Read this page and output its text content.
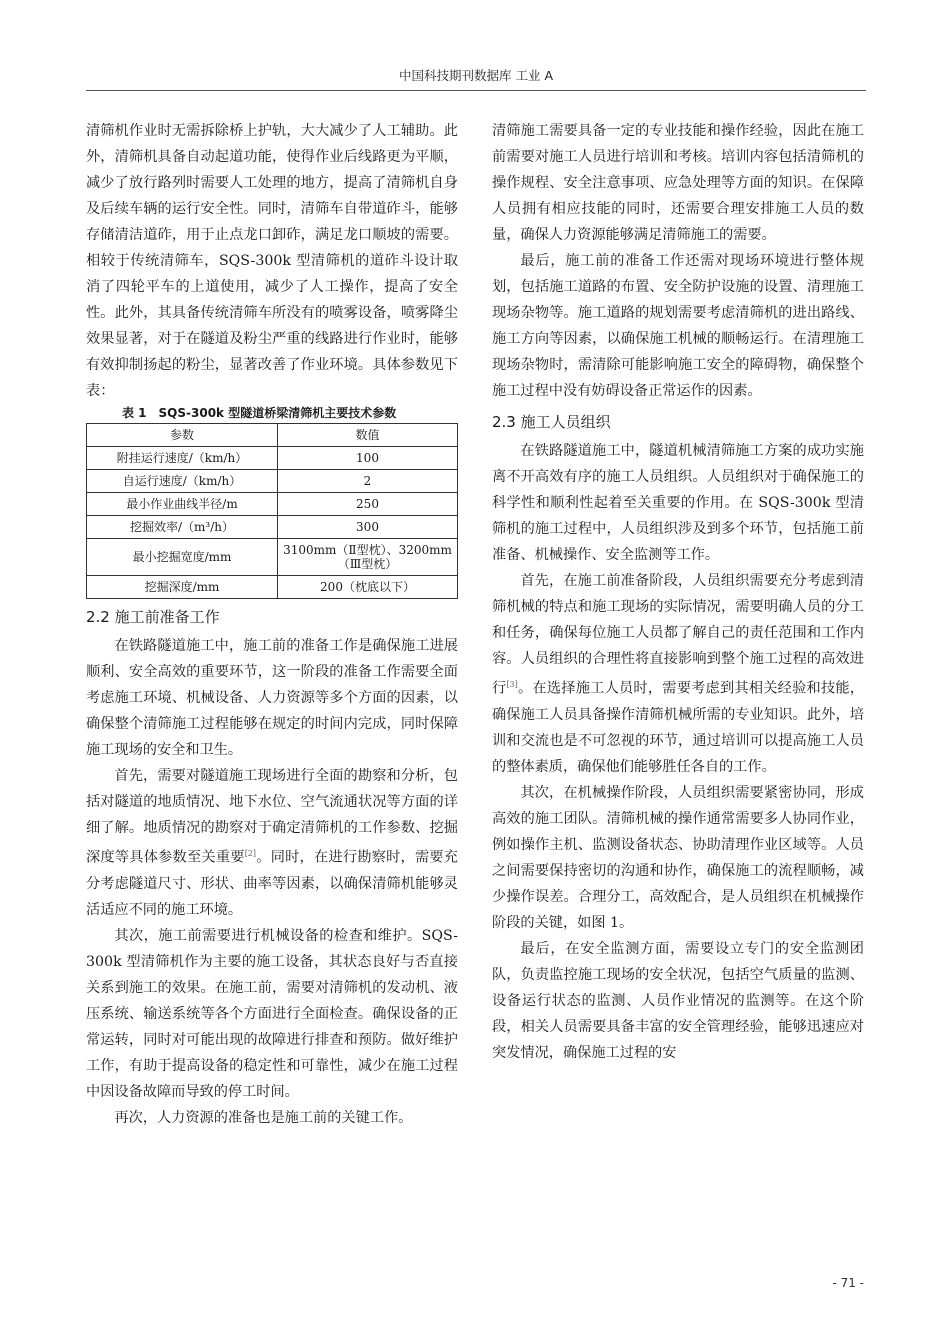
中国科技期刊数据库 工业 A

清筛机作业时无需拆除桥上护轨，大大减少了人工辅助。此外，清筛机具备自动起道功能，使得作业后线路更为平顺，减少了放行路列时需要人工处理的地方，提高了清筛机自身及后续车辆的运行安全性。同时，清筛车自带道砟斗，能够存储清洁道砟，用于止点龙口卸砟，满足龙口顺坡的需要。相较于传统清筛车，SQS-300k 型清筛机的道砟斗设计取消了四轮平车的上道使用，减少了人工操作，提高了安全性。此外，其具备传统清筛车所没有的喷雾设备，喷雾降尘效果显著，对于在隧道及粉尘严重的线路进行作业时，能够有效抑制扬起的粉尘，显著改善了作业环境。具体参数见下表：

表 1　SQS-300k 型隧道桥梁清筛机主要技术参数
参数	数值
附挂运行速度/（km/h）	100
自运行速度/（km/h）	2
最小作业曲线半径/m	250
挖掘效率/（m³/h）	300
最小挖掘宽度/mm	3100mm（Ⅱ型枕）、3200mm（Ⅲ型枕）
挖掘深度/mm	200（枕底以下）
2.2 施工前准备工作

在铁路隧道施工中，施工前的准备工作是确保施工进展顺利、安全高效的重要环节，这一阶段的准备工作需要全面考虑施工环境、机械设备、人力资源等多个方面的因素，以确保整个清筛施工过程能够在规定的时间内完成，同时保障施工现场的安全和卫生。

首先，需要对隧道施工现场进行全面的勘察和分析，包括对隧道的地质情况、地下水位、空气流通状况等方面的详细了解。地质情况的勘察对于确定清筛机的工作参数、挖掘深度等具体参数至关重要[2]。同时，在进行勘察时，需要充分考虑隧道尺寸、形状、曲率等因素，以确保清筛机能够灵活适应不同的施工环境。

其次，施工前需要进行机械设备的检查和维护。SQS-300k 型清筛机作为主要的施工设备，其状态良好与否直接关系到施工的效果。在施工前，需要对清筛机的发动机、液压系统、输送系统等各个方面进行全面检查。确保设备的正常运转，同时对可能出现的故障进行排查和预防。做好维护工作，有助于提高设备的稳定性和可靠性，减少在施工过程中因设备故障而导致的停工时间。

再次，人力资源的准备也是施工前的关键工作。

清筛施工需要具备一定的专业技能和操作经验，因此在施工前需要对施工人员进行培训和考核。培训内容包括清筛机的操作规程、安全注意事项、应急处理等方面的知识。在保障人员拥有相应技能的同时，还需要合理安排施工人员的数量，确保人力资源能够满足清筛施工的需要。

最后，施工前的准备工作还需对现场环境进行整体规划，包括施工道路的布置、安全防护设施的设置、清理施工现场杂物等。施工道路的规划需要考虑清筛机的进出路线、施工方向等因素，以确保施工机械的顺畅运行。在清理施工现场杂物时，需清除可能影响施工安全的障碍物，确保整个施工过程中没有妨碍设备正常运作的因素。

2.3 施工人员组织

在铁路隧道施工中，隧道机械清筛施工方案的成功实施离不开高效有序的施工人员组织。人员组织对于确保施工的科学性和顺利性起着至关重要的作用。在 SQS-300k 型清筛机的施工过程中，人员组织涉及到多个环节，包括施工前准备、机械操作、安全监测等工作。

首先，在施工前准备阶段，人员组织需要充分考虑到清筛机械的特点和施工现场的实际情况，需要明确人员的分工和任务，确保每位施工人员都了解自己的责任范围和工作内容。人员组织的合理性将直接影响到整个施工过程的高效进行[3]。在选择施工人员时，需要考虑到其相关经验和技能，确保施工人员具备操作清筛机械所需的专业知识。此外，培训和交流也是不可忽视的环节，通过培训可以提高施工人员的整体素质，确保他们能够胜任各自的工作。

其次，在机械操作阶段，人员组织需要紧密协同，形成高效的施工团队。清筛机械的操作通常需要多人协同作业，例如操作主机、监测设备状态、协助清理作业区域等。人员之间需要保持密切的沟通和协作，确保施工的流程顺畅，减少操作误差。合理分工，高效配合，是人员组织在机械操作阶段的关键，如图 1。

最后，在安全监测方面，需要设立专门的安全监测团队，负责监控施工现场的安全状况，包括空气质量的监测、设备运行状态的监测、人员作业情况的监测等。在这个阶段，相关人员需要具备丰富的安全管理经验，能够迅速应对突发情况，确保施工过程的安

- 71 -
